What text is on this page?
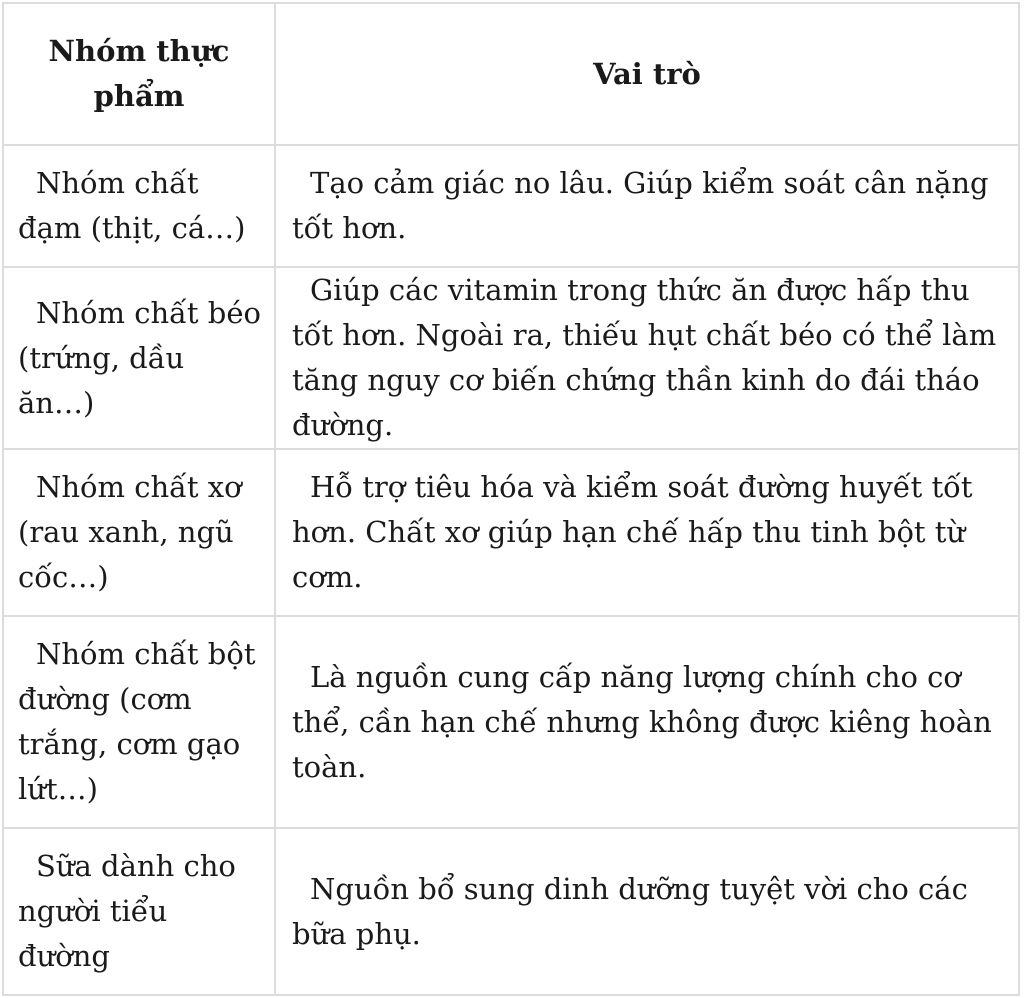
Nhóm thực phẩm	Vai trò
Nhóm chất đạm (thịt, cá…)	Tạo cảm giác no lâu. Giúp kiểm soát cân nặng tốt hơn.
Nhóm chất béo (trứng, dầu ăn…)	Giúp các vitamin trong thức ăn được hấp thu tốt hơn. Ngoài ra, thiếu hụt chất béo có thể làm tăng nguy cơ biến chứng thần kinh do đái tháo đường.
Nhóm chất xơ (rau xanh, ngũ cốc…)	Hỗ trợ tiêu hóa và kiểm soát đường huyết tốt hơn. Chất xơ giúp hạn chế hấp thu tinh bột từ cơm.
Nhóm chất bột đường (cơm trắng, cơm gạo lứt…)	Là nguồn cung cấp năng lượng chính cho cơ thể, cần hạn chế nhưng không được kiêng hoàn toàn.
Sữa dành cho người tiểu đường	Nguồn bổ sung dinh dưỡng tuyệt vời cho các bữa phụ.
